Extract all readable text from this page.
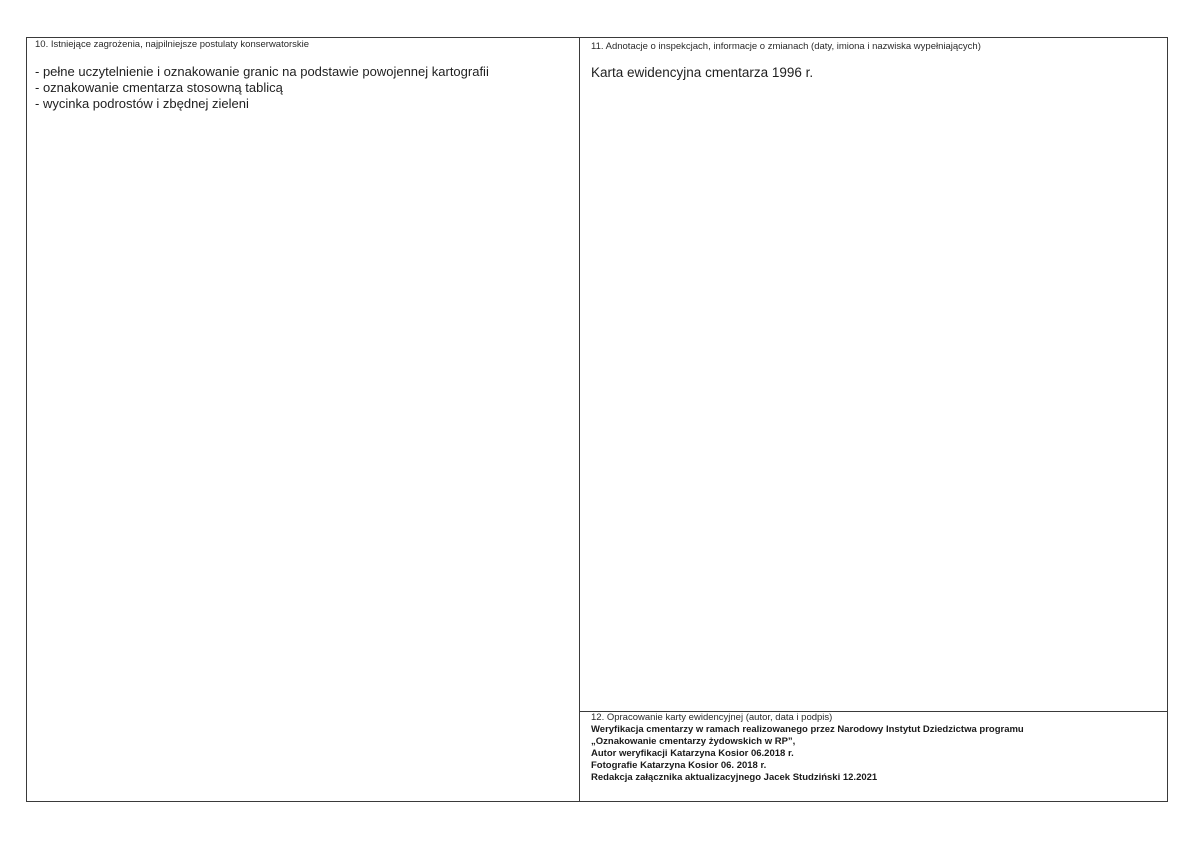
10. Istniejące zagrożenia, najpilniejsze postulaty konserwatorskie
- pełne uczytelnienie i oznakowanie granic na podstawie powojennej kartografii
- oznakowanie cmentarza stosowną tablicą
- wycinka podrostów i zbędnej zieleni
11. Adnotacje o inspekcjach, informacje o zmianach (daty, imiona i nazwiska wypełniających)
Karta ewidencyjna cmentarza 1996 r.
12. Opracowanie karty ewidencyjnej (autor, data i podpis)
Weryfikacja cmentarzy w ramach realizowanego przez Narodowy Instytut Dziedzictwa programu
„Oznakowanie cmentarzy żydowskich w RP”,
Autor weryfikacji Katarzyna Kosior 06.2018 r.
Fotografie Katarzyna Kosior 06. 2018 r.
Redakcja załącznika aktualizacyjnego Jacek Studziński 12.2021
